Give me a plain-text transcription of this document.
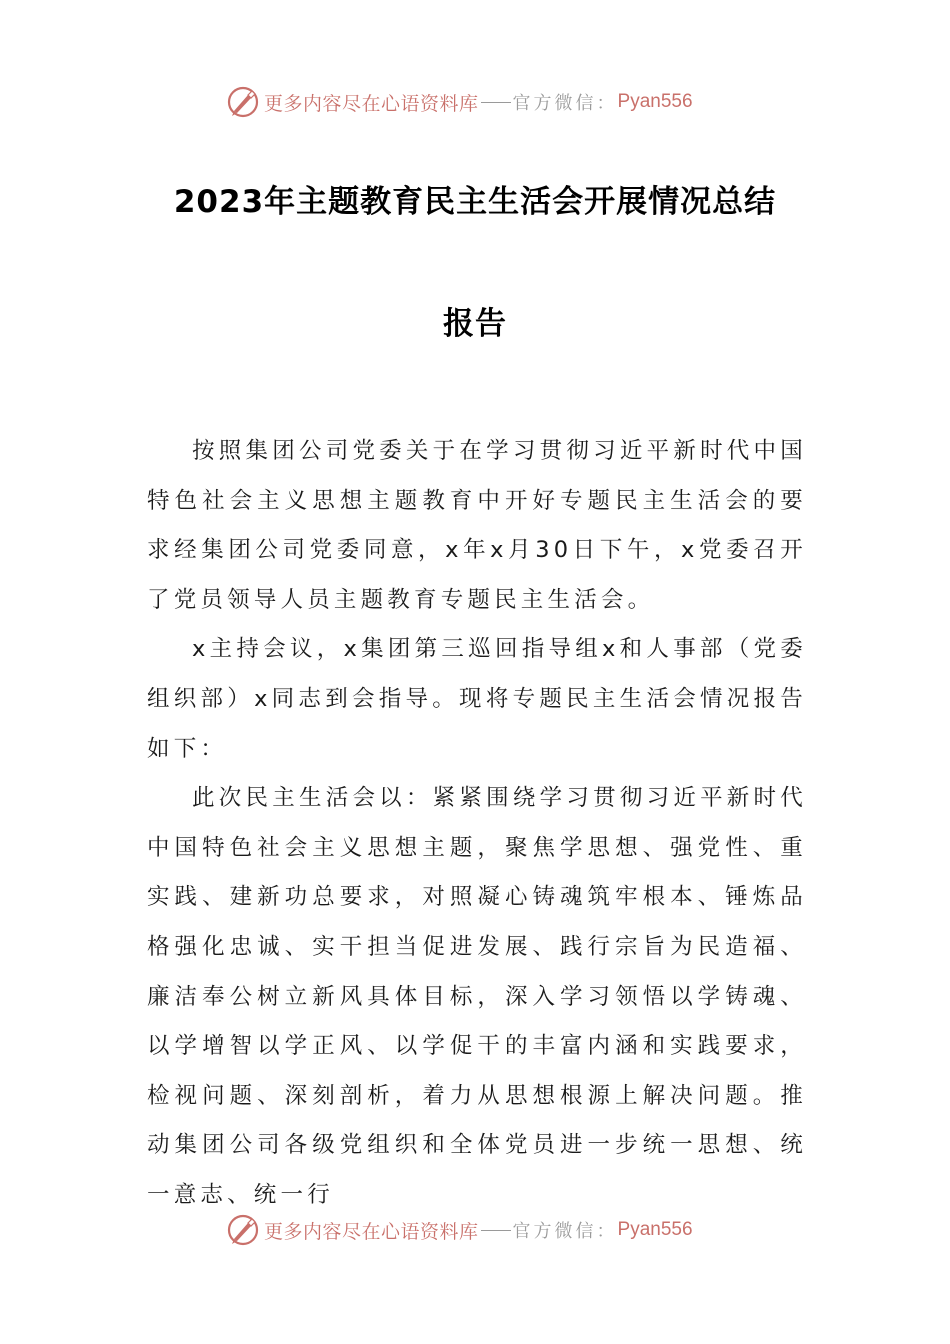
更多内容尽在心语资料库 官方微信： Pyan556
2023年主题教育民主生活会开展情况总结
报告

按照集团公司党委关于在学习贯彻习近平新时代中国特色社会主义思想主题教育中开好专题民主生活会的要求经集团公司党委同意，x年x月30日下午，x党委召开了党员领导人员主题教育专题民主生活会。

x主持会议，x集团第三巡回指导组x和人事部（党委组织部）x同志到会指导。现将专题民主生活会情况报告如下：

此次民主生活会以：紧紧围绕学习贯彻习近平新时代中国特色社会主义思想主题，聚焦学思想、强党性、重实践、建新功总要求，对照凝心铸魂筑牢根本、锤炼品格强化忠诚、实干担当促进发展、践行宗旨为民造福、廉洁奉公树立新风具体目标，深入学习领悟以学铸魂、以学增智以学正风、以学促干的丰富内涵和实践要求，检视问题、深刻剖析，着力从思想根源上解决问题。推动集团公司各级党组织和全体党员进一步统一思想、统一意志、统一行

更多内容尽在心语资料库 官方微信： Pyan556
